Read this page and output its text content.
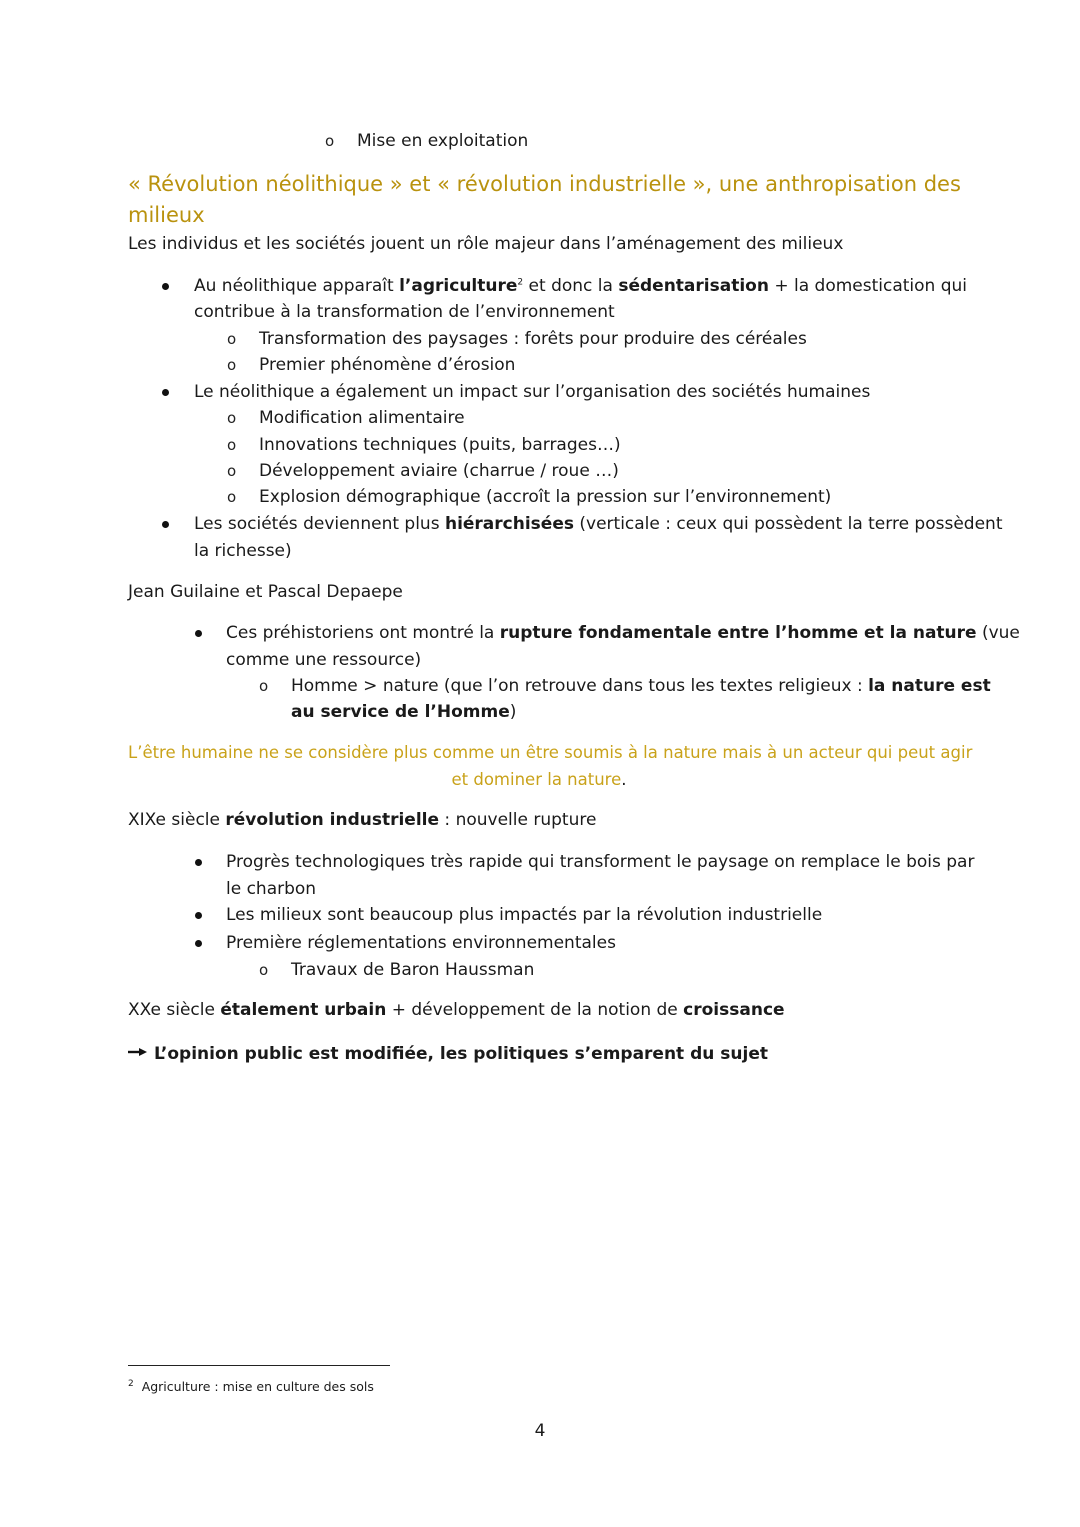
o Mise en exploitation
« Révolution néolithique » et « révolution industrielle », une anthropisation des
milieux
Les individus et les sociétés jouent un rôle majeur dans l’aménagement des milieux
Au néolithique apparaît l’agriculture$^2$ et donc la sédentarisation + la domestication qui
contribue à la transformation de l’environnement
o Transformation des paysages : forêts pour produire des céréales
o Premier phénomène d’érosion
Le néolithique a également un impact sur l’organisation des sociétés humaines
o Modification alimentaire
o Innovations techniques (puits, barrages…)
o Développement aviaire (charrue / roue …)
o Explosion démographique (accroît la pression sur l’environnement)
Les sociétés deviennent plus hiérarchisées (verticale : ceux qui possèdent la terre possèdent
la richesse)
Jean Guilaine et Pascal Depaepe
Ces préhistoriens ont montré la rupture fondamentale entre l’homme et la nature (vue
comme une ressource)
o Homme > nature (que l’on retrouve dans tous les textes religieux : la nature est
au service de l’Homme)
L’être humaine ne se considère plus comme un être soumis à la nature mais à un acteur qui peut agir
et dominer la nature.
XIXe siècle révolution industrielle : nouvelle rupture
Progrès technologiques très rapide qui transforment le paysage on remplace le bois par
le charbon
Les milieux sont beaucoup plus impactés par la révolution industrielle
Première réglementations environnementales
o Travaux de Baron Haussman
XXe siècle étalement urbain + développement de la notion de croissance
L’opinion public est modifiée, les politiques s’emparent du sujet
$^2$ Agriculture : mise en culture des sols
4
